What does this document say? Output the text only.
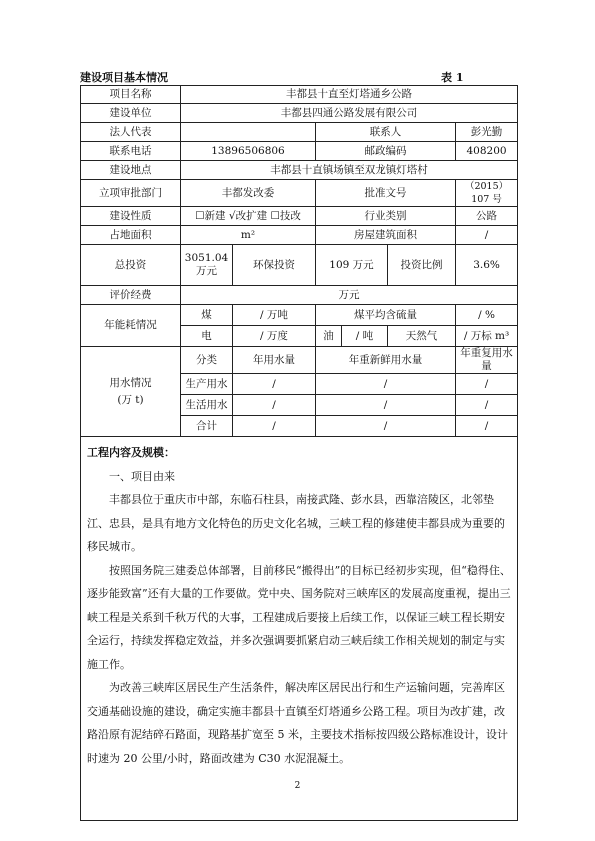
建设项目基本情况	表 1
项目名称	丰都县十直至灯塔通乡公路					
建设单位	丰都县四通公路发展有限公司					
法人代表			联系人			彭光勤
联系电话	13896506806		邮政编码			408200
建设地点	丰都县十直镇场镇至双龙镇灯塔村					
立项审批部门	丰都发改委		批准文号			（2015）107 号
建设性质	☐新建 √改扩建 ☐技改		行业类别			公路
占地面积	m²		房屋建筑面积			/
总投资	3051.04 万元	环保投资	109 万元		投资比例	3.6%
评价经费	万元					
年能耗情况	煤	/ 万吨	煤平均含硫量			/ %
	电	/ 万度	油	/ 吨	天然气	/ 万标 m³

用水情况
(万 t)	分类	年用水量	年重新鲜用水量			年重复用水量
	生产用水	/	/			/
	生活用水	/	/			/
	合计	/	/			/

工程内容及规模：
一、项目由来

丰都县位于重庆市中部，东临石柱县，南接武隆、彭水县，西靠涪陵区，北邻垫江、忠县，是具有地方文化特色的历史文化名城，三峡工程的修建使丰都县成为重要的移民城市。

按照国务院三建委总体部署，目前移民“搬得出”的目标已经初步实现，但“稳得住、逐步能致富”还有大量的工作要做。党中央、国务院对三峡库区的发展高度重视，提出三峡工程是关系到千秋万代的大事，工程建成后要接上后续工作，以保证三峡工程长期安全运行，持续发挥稳定效益，并多次强调要抓紧启动三峡后续工作相关规划的制定与实施工作。

为改善三峡库区居民生产生活条件，解决库区居民出行和生产运输问题，完善库区交通基础设施的建设，确定实施丰都县十直镇至灯塔通乡公路工程。项目为改扩建，改路沿原有泥结碎石路面，现路基扩宽至 5 米，主要技术指标按四级公路标准设计，设计时速为 20 公里/小时，路面改建为 C30 水泥混凝土。						

2
